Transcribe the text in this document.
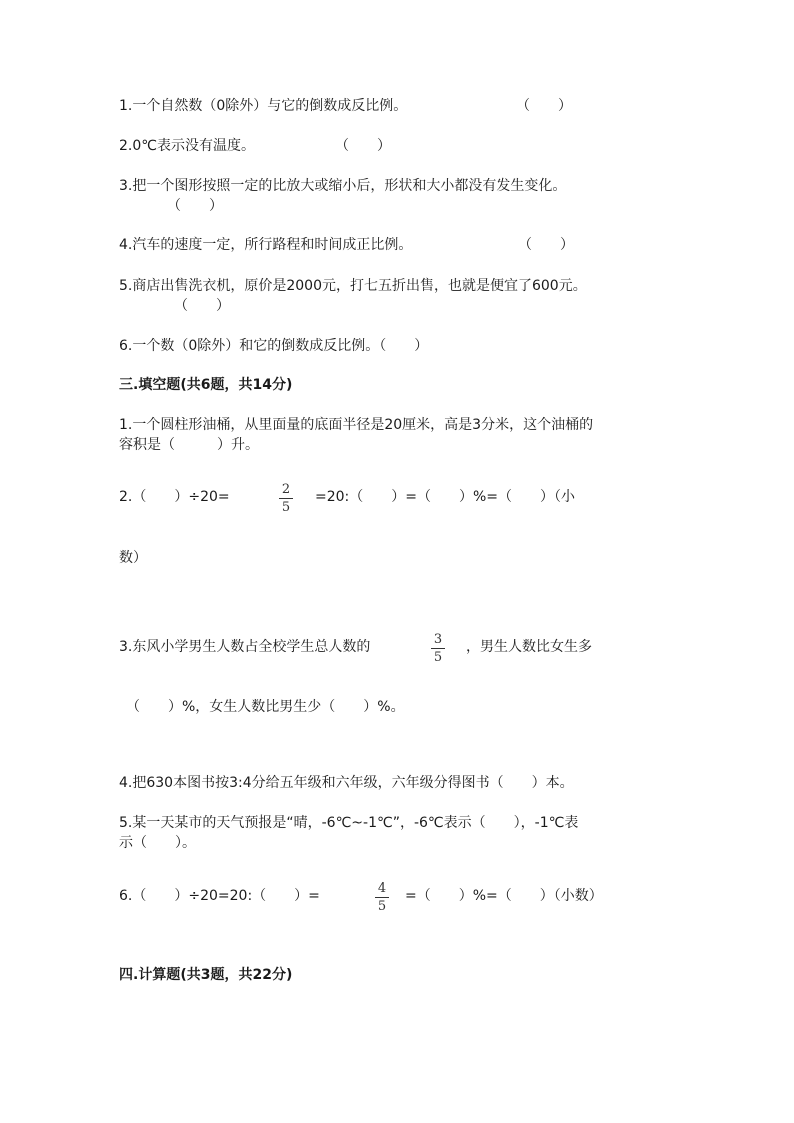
1.一个自然数（0除外）与它的倒数成反比例。	（　　）
2.0℃表示没有温度。	（　　）
3.把一个图形按照一定的比放大或缩小后，形状和大小都没有发生变化。
（　　）
4.汽车的速度一定，所行路程和时间成正比例。	（　　）
5.商店出售洗衣机，原价是2000元，打七五折出售，也就是便宜了600元。
（　　）
6.一个数（0除外）和它的倒数成反比例。（　　）
三.填空题(共6题，共14分)
1.一个圆柱形油桶，从里面量的底面半径是20厘米，高是3分米，这个油桶的
容积是（　　　）升。
2.（　　）÷20=	2
5
=20:（　　）=（　　）%=（　　）（小
数）
3.东风小学男生人数占全校学生总人数的	3
5
，男生人数比女生多
（　　）%，女生人数比男生少（　　）%。
4.把630本图书按3:4分给五年级和六年级，六年级分得图书（　　）本。
5.某一天某市的天气预报是“晴，-6℃~-1℃”，-6℃表示（　　），-1℃表
示（　　）。
6.（　　）÷20=20:（　　）=	4
5
=（　　）%=（　　）（小数）
四.计算题(共3题，共22分)
